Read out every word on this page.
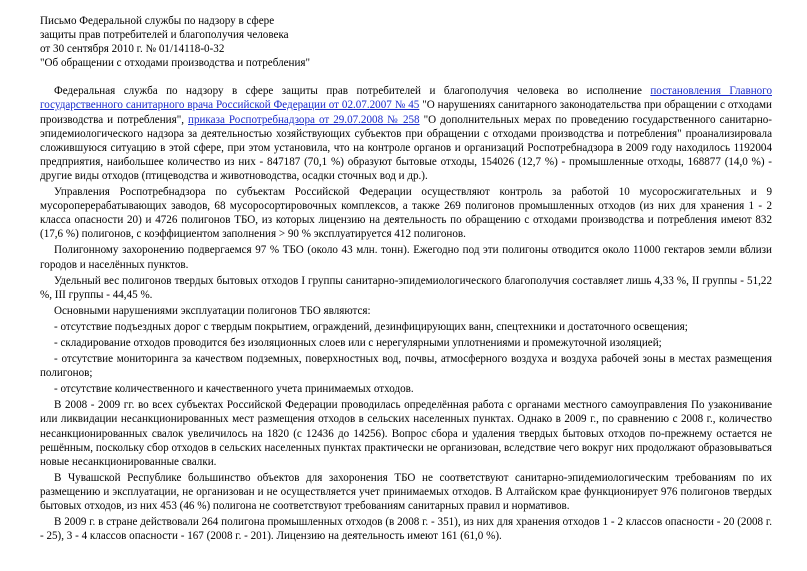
Письмо Федеральной службы по надзору в сфере
защиты прав потребителей и благополучия человека
от 30 сентября 2010 г. № 01/14118-0-32
"Об обращении с отходами производства и потребления"

Федеральная служба по надзору в сфере защиты прав потребителей и благополучия человека во исполнение постановления Главного государственного санитарного врача Российской Федерации от 02.07.2007 № 45 "О нарушениях санитарного законодательства при обращении с отходами производства и потребления", приказа Роспотребнадзора от 29.07.2008 № 258 "О дополнительных мерах по проведению государственного санитарно-эпидемиологического надзора за деятельностью хозяйствующих субъектов при обращении с отходами производства и потребления" проанализировала сложившуюся ситуацию в этой сфере, при этом установила, что на контроле органов и организаций Роспотребнадзора в 2009 году находилось 1192004 предприятия, наибольшее количество из них - 847187 (70,1 %) образуют бытовые отходы, 154026 (12,7 %) - промышленные отходы, 168877 (14,0 %) - другие виды отходов (птицеводства и животноводства, осадки сточных вод и др.).

Управления Роспотребнадзора по субъектам Российской Федерации осуществляют контроль за работой 10 мусоросжигательных и 9 мусороперерабатывающих заводов, 68 мусоросортировочных комплексов, а также 269 полигонов промышленных отходов (из них для хранения 1 - 2 класса опасности 20) и 4726 полигонов ТБО, из которых лицензию на деятельность по обращению с отходами производства и потребления имеют 832 (17,6 %) полигонов, с коэффициентом заполнения > 90 % эксплуатируется 412 полигонов.

Полигонному захоронению подвергаемся 97 % ТБО (около 43 млн. тонн). Ежегодно под эти полигоны отводится около 11000 гектаров земли вблизи городов и населённых пунктов.

Удельный вес полигонов твердых бытовых отходов I группы санитарно-эпидемиологического благополучия составляет лишь 4,33 %, II группы - 51,22 %, III группы - 44,45 %.

Основными нарушениями эксплуатации полигонов ТБО являются:

- отсутствие подъездных дорог с твердым покрытием, ограждений, дезинфицирующих ванн, спецтехники и достаточного освещения;

- складирование отходов проводится без изоляционных слоев или с нерегулярными уплотнениями и промежуточной изоляцией;

- отсутствие мониторинга за качеством подземных, поверхностных вод, почвы, атмосферного воздуха и воздуха рабочей зоны в местах размещения полигонов;

- отсутствие количественного и качественного учета принимаемых отходов.

В 2008 - 2009 гг. во всех субъектах Российской Федерации проводилась определённая работа с органами местного самоуправления По узаконивание или ликвидации несанкционированных мест размещения отходов в сельских населенных пунктах. Однако в 2009 г., по сравнению с 2008 г., количество несанкционированных свалок увеличилось на 1820 (с 12436 до 14256). Вопрос сбора и удаления твердых бытовых отходов по-прежнему остается не решённым, поскольку сбор отходов в сельских населенных пунктах практически не организован, вследствие чего вокруг них продолжают образовываться новые несанкционированные свалки.

В Чувашской Республике большинство объектов для захоронения ТБО не соответствуют санитарно-эпидемиологическим требованиям по их размещению и эксплуатации, не организован и не осуществляется учет принимаемых отходов. В Алтайском крае функционирует 976 полигонов твердых бытовых отходов, из них 453 (46 %) полигона не соответствуют требованиям санитарных правил и нормативов.

В 2009 г. в стране действовали 264 полигона промышленных отходов (в 2008 г. - 351), из них для хранения отходов 1 - 2 классов опасности - 20 (2008 г. - 25), 3 - 4 классов опасности - 167 (2008 г. - 201). Лицензию на деятельность имеют 161 (61,0 %).
